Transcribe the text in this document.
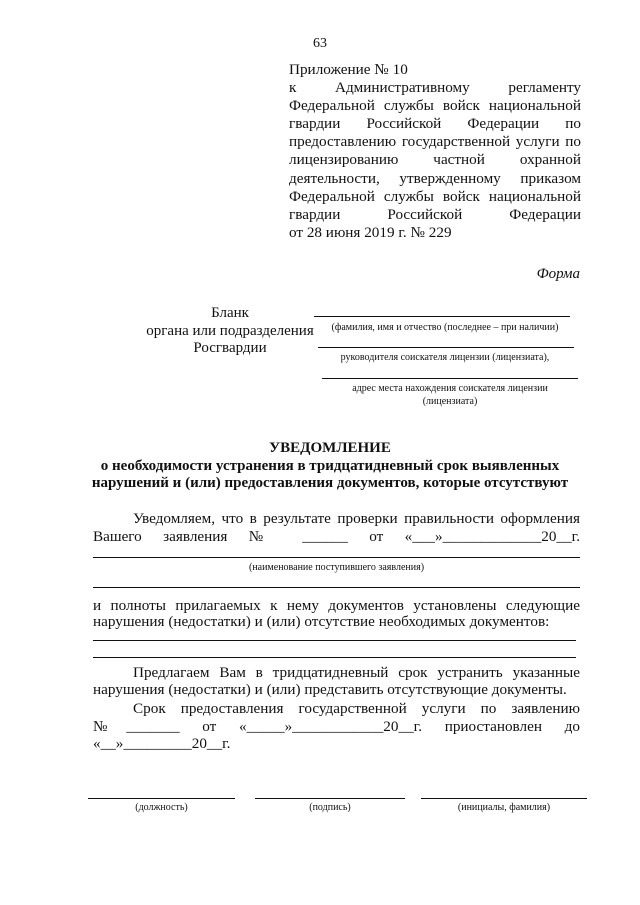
63
Приложение № 10
к Административному регламенту
Федеральной службы войск национальной
гвардии Российской Федерации по
предоставлению государственной услуги по
лицензированию частной охранной
деятельности, утвержденному приказом
Федеральной службы войск национальной
гвардии Российской Федерации
от 28 июня 2019 г. № 229
Форма
Бланк
органа или подразделения
Росгвардии
(фамилия, имя и отчество (последнее – при наличии)
руководителя соискателя лицензии (лицензиата),
адрес места нахождения соискателя лицензии
(лицензиата)
УВЕДОМЛЕНИЕ
о необходимости устранения в тридцатидневный срок выявленных
нарушений и (или) предоставления документов, которые отсутствуют
Уведомляем, что в результате проверки правильности оформления
Вашего заявления № ______ от «___»_____________20__г.
(наименование поступившего заявления)
и полноты прилагаемых к нему документов установлены следующие
нарушения (недостатки) и (или) отсутствие необходимых документов:
Предлагаем Вам в тридцатидневный срок устранить указанные
нарушения (недостатки) и (или) представить отсутствующие документы.
Срок предоставления государственной услуги по заявлению
№_______ от «_____»____________20__г. приостановлен до
«__»_________20__г.
(должность)	(подпись)	(инициалы, фамилия)
